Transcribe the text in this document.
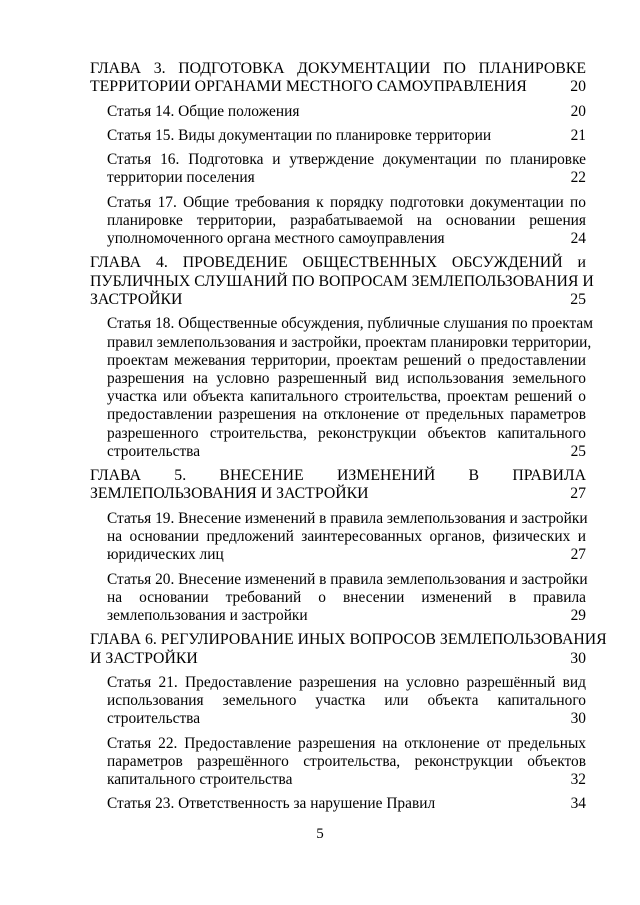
ГЛАВА 3. ПОДГОТОВКА ДОКУМЕНТАЦИИ ПО ПЛАНИРОВКЕ
ТЕРРИТОРИИ ОРГАНАМИ МЕСТНОГО САМОУПРАВЛЕНИЯ	20
Статья 14. Общие положения	20
Статья 15. Виды документации по планировке территории	21
Статья 16. Подготовка и утверждение документации по планировке
территории поселения	22
Статья 17. Общие требования к порядку подготовки документации по
планировке территории, разрабатываемой на основании решения
уполномоченного органа местного самоуправления	24
ГЛАВА 4. ПРОВЕДЕНИЕ ОБЩЕСТВЕННЫХ ОБСУЖДЕНИЙ и
ПУБЛИЧНЫХ СЛУШАНИЙ ПО ВОПРОСАМ ЗЕМЛЕПОЛЬЗОВАНИЯ И
ЗАСТРОЙКИ	25
Статья 18. Общественные обсуждения, публичные слушания по проектам
правил землепользования и застройки, проектам планировки территории,
проектам межевания территории, проектам решений о предоставлении
разрешения на условно разрешенный вид использования земельного
участка или объекта капитального строительства, проектам решений о
предоставлении разрешения на отклонение от предельных параметров
разрешенного строительства, реконструкции объектов капитального
строительства	25
ГЛАВА 5. ВНЕСЕНИЕ ИЗМЕНЕНИЙ В ПРАВИЛА
ЗЕМЛЕПОЛЬЗОВАНИЯ И ЗАСТРОЙКИ	27
Статья 19. Внесение изменений в правила землепользования и застройки
на основании предложений заинтересованных органов, физических и
юридических лиц	27
Статья 20. Внесение изменений в правила землепользования и застройки
на основании требований о внесении изменений в правила
землепользования и застройки	29
ГЛАВА 6. РЕГУЛИРОВАНИЕ ИНЫХ ВОПРОСОВ ЗЕМЛЕПОЛЬЗОВАНИЯ
И ЗАСТРОЙКИ	30
Статья 21. Предоставление разрешения на условно разрешённый вид
использования земельного участка или объекта капитального
строительства	30
Статья 22. Предоставление разрешения на отклонение от предельных
параметров разрешённого строительства, реконструкции объектов
капитального строительства	32
Статья 23. Ответственность за нарушение Правил	34
5
